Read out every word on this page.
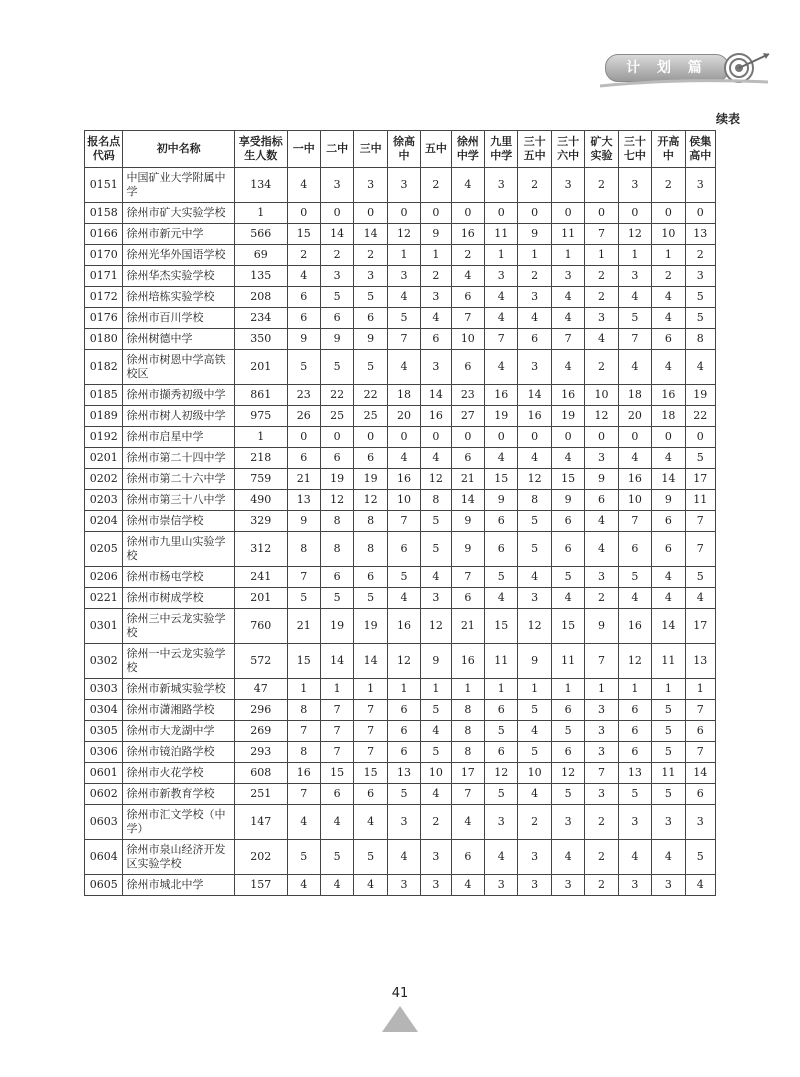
计 划 篇
续表
报名点代码	初中名称	享受指标生人数	一中	二中	三中	徐高中	五中	徐州中学	九里中学	三十五中	三十六中	矿大实验	三十七中	开高中	侯集高中
0151	中国矿业大学附属中学	134	4	3	3	3	2	4	3	2	3	2	3	2	3
0158	徐州市矿大实验学校	1	0	0	0	0	0	0	0	0	0	0	0	0	0
0166	徐州市新元中学	566	15	14	14	12	9	16	11	9	11	7	12	10	13
0170	徐州光华外国语学校	69	2	2	2	1	1	2	1	1	1	1	1	1	2
0171	徐州华杰实验学校	135	4	3	3	3	2	4	3	2	3	2	3	2	3
0172	徐州培栋实验学校	208	6	5	5	4	3	6	4	3	4	2	4	4	5
0176	徐州市百川学校	234	6	6	6	5	4	7	4	4	4	3	5	4	5
0180	徐州树德中学	350	9	9	9	7	6	10	7	6	7	4	7	6	8
0182	徐州市树恩中学高铁校区	201	5	5	5	4	3	6	4	3	4	2	4	4	4
0185	徐州市撷秀初级中学	861	23	22	22	18	14	23	16	14	16	10	18	16	19
0189	徐州市树人初级中学	975	26	25	25	20	16	27	19	16	19	12	20	18	22
0192	徐州市启星中学	1	0	0	0	0	0	0	0	0	0	0	0	0	0
0201	徐州市第二十四中学	218	6	6	6	4	4	6	4	4	4	3	4	4	5
0202	徐州市第二十六中学	759	21	19	19	16	12	21	15	12	15	9	16	14	17
0203	徐州市第三十八中学	490	13	12	12	10	8	14	9	8	9	6	10	9	11
0204	徐州市崇信学校	329	9	8	8	7	5	9	6	5	6	4	7	6	7
0205	徐州市九里山实验学校	312	8	8	8	6	5	9	6	5	6	4	6	6	7
0206	徐州市杨屯学校	241	7	6	6	5	4	7	5	4	5	3	5	4	5
0221	徐州市树成学校	201	5	5	5	4	3	6	4	3	4	2	4	4	4
0301	徐州三中云龙实验学校	760	21	19	19	16	12	21	15	12	15	9	16	14	17
0302	徐州一中云龙实验学校	572	15	14	14	12	9	16	11	9	11	7	12	11	13
0303	徐州市新城实验学校	47	1	1	1	1	1	1	1	1	1	1	1	1	1
0304	徐州市潇湘路学校	296	8	7	7	6	5	8	6	5	6	3	6	5	7
0305	徐州市大龙湖中学	269	7	7	7	6	4	8	5	4	5	3	6	5	6
0306	徐州市镜泊路学校	293	8	7	7	6	5	8	6	5	6	3	6	5	7
0601	徐州市火花学校	608	16	15	15	13	10	17	12	10	12	7	13	11	14
0602	徐州市新教育学校	251	7	6	6	5	4	7	5	4	5	3	5	5	6
0603	徐州市汇文学校（中学）	147	4	4	4	3	2	4	3	2	3	2	3	3	3
0604	徐州市泉山经济开发区实验学校	202	5	5	5	4	3	6	4	3	4	2	4	4	5
0605	徐州市城北中学	157	4	4	4	3	3	4	3	3	3	2	3	3	4
41
